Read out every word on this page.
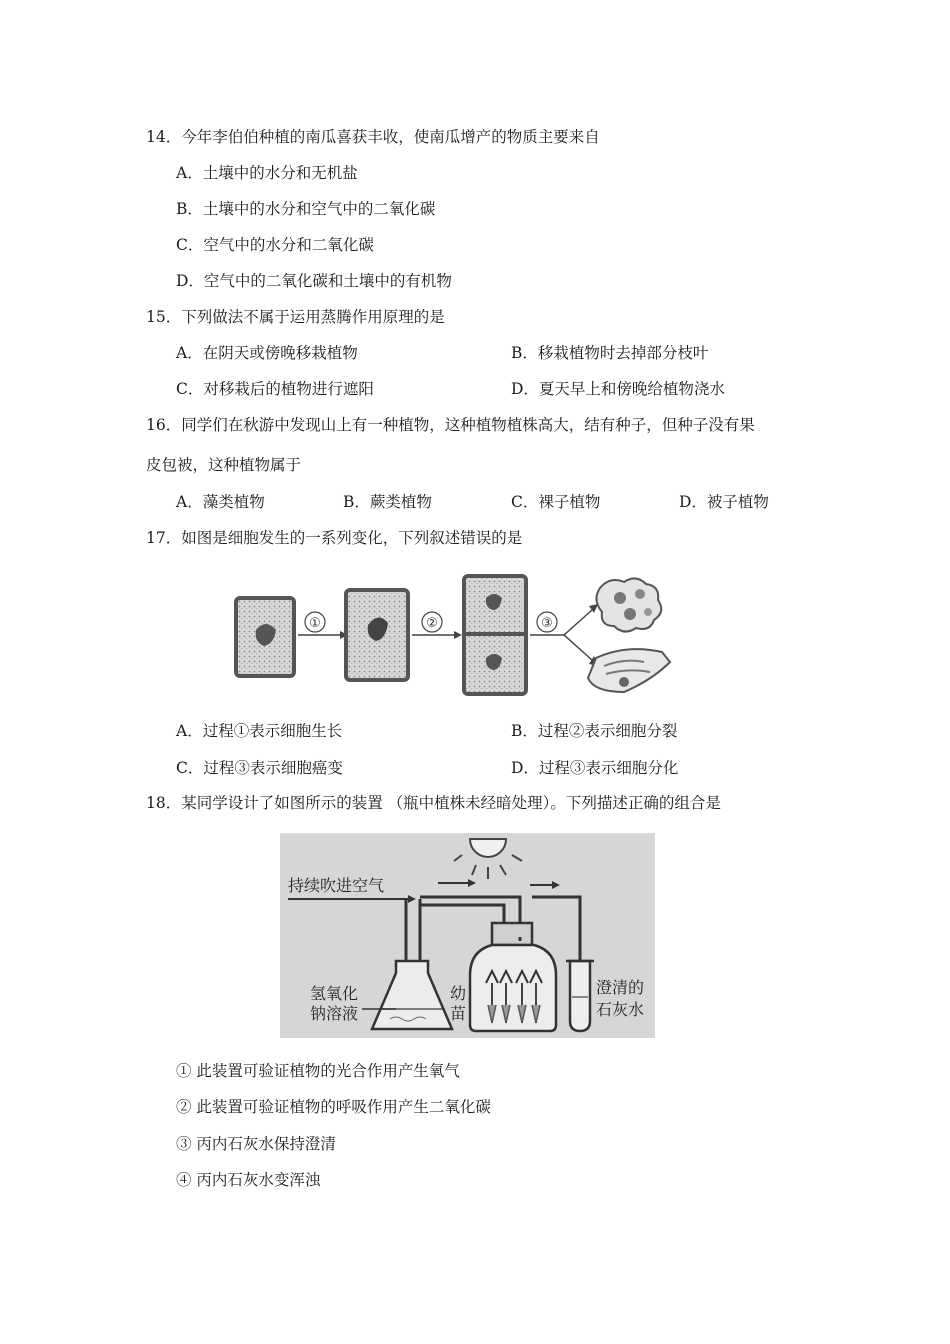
14．今年李伯伯种植的南瓜喜获丰收，使南瓜增产的物质主要来自
A．土壤中的水分和无机盐
B．土壤中的水分和空气中的二氧化碳
C．空气中的水分和二氧化碳
D．空气中的二氧化碳和土壤中的有机物
15．下列做法不属于运用蒸腾作用原理的是
A．在阴天或傍晚移栽植物	B．移栽植物时去掉部分枝叶
C．对移栽后的植物进行遮阳	D．夏天早上和傍晚给植物浇水
16．同学们在秋游中发现山上有一种植物，这种植物植株高大，结有种子，但种子没有果
皮包被，这种植物属于
A．藻类植物	B．蕨类植物	C．裸子植物	D．被子植物
17．如图是细胞发生的一系列变化，下列叙述错误的是
①	②	③
A．过程①表示细胞生长	B．过程②表示细胞分裂
C．过程③表示细胞癌变	D．过程③表示细胞分化
18．某同学设计了如图所示的装置 （瓶中植株未经暗处理）。下列描述正确的组合是
持续吹进空气
氢氧化
钠溶液
幼
苗
澄清的
石灰水
① 此装置可验证植物的光合作用产生氧气
② 此装置可验证植物的呼吸作用产生二氧化碳
③ 丙内石灰水保持澄清
④ 丙内石灰水变浑浊
